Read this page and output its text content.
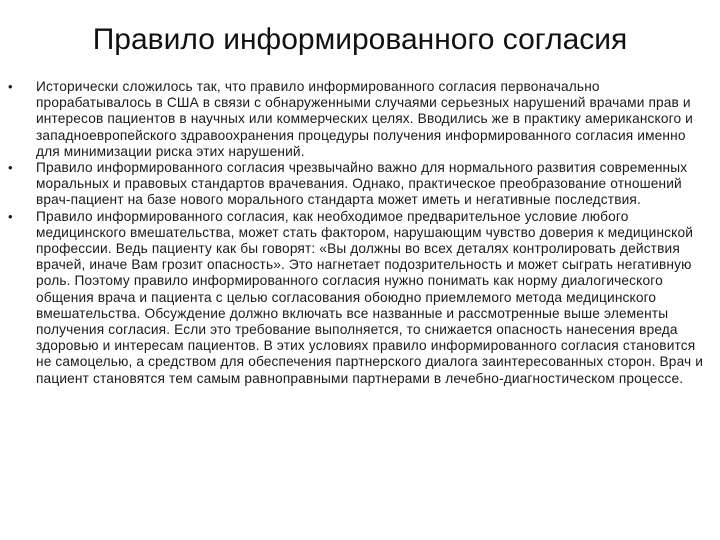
Правило информированного согласия
•	Исторически сложилось так, что правило информированного согласия первоначально прорабатывалось в США в связи с обнаруженными случаями серьезных нарушений врачами прав и интересов пациентов в научных или коммерческих целях. Вводились же в практику американского и западноевропейского здравоохранения процедуры получения информированного согласия именно для минимизации риска этих нарушений.
•	Правило информированного согласия чрезвычайно важно для нормального развития современных моральных и правовых стандартов врачевания. Однако, практическое преобразование отношений врач-пациент на базе нового морального стандарта может иметь и негативные последствия.
•	Правило информированного согласия, как необходимое предварительное условие любого медицинского вмешательства, может стать фактором, нарушающим чувство доверия к медицинской профессии. Ведь пациенту как бы говорят: «Вы должны во всех деталях контролировать действия врачей, иначе Вам грозит опасность». Это нагнетает подозрительность и может сыграть негативную роль. Поэтому правило информированного согласия нужно понимать как норму диалогического общения врача и пациента с целью согласования обоюдно приемлемого метода медицинского вмешательства. Обсуждение должно включать все названные и рассмотренные выше элементы получения согласия. Если это требование выполняется, то снижается опасность нанесения вреда здоровью и интересам пациентов. В этих условиях правило информированного согласия становится не самоцелью, а средством для обеспечения партнерского диалога заинтересованных сторон. Врач и пациент становятся тем самым равноправными партнерами в лечебно-диагностическом процессе.
